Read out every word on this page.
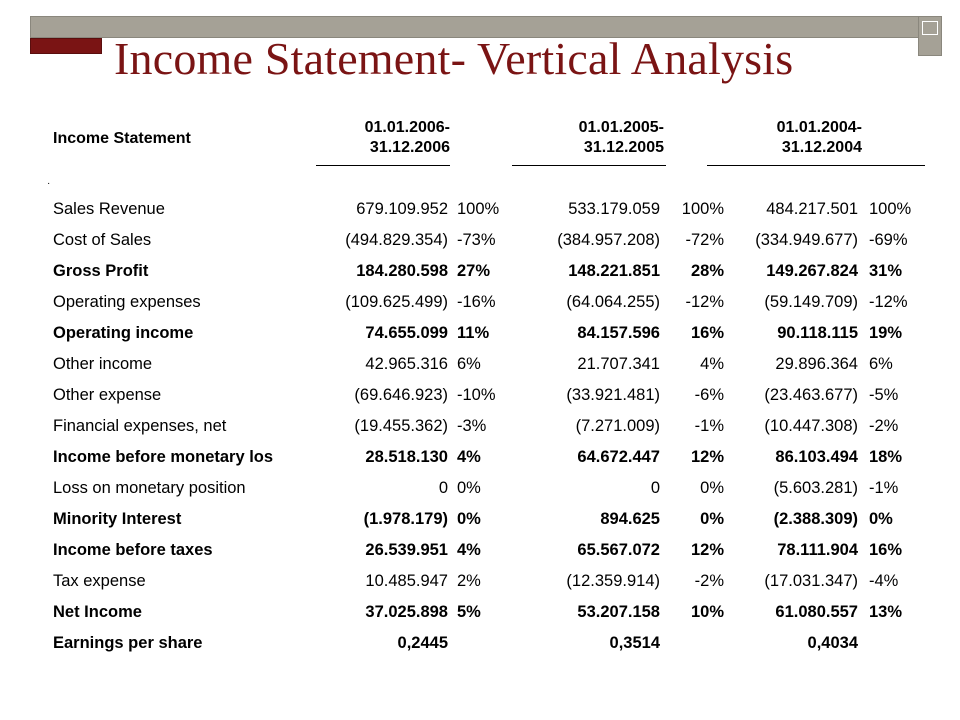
Income Statement- Vertical Analysis
Income Statement
01.01.2006-
31.12.2006
01.01.2005-
31.12.2005
01.01.2004-
31.12.2004
·
Sales Revenue	679.109.952 100%	533.179.059 100%	484.217.501 100%
Cost of Sales	(494.829.354) -73%	(384.957.208) -72% (334.949.677) -69%
Gross Profit	184.280.598 27%	148.221.851 28%	149.267.824 31%
Operating expenses	(109.625.499) -16%	(64.064.255) -12% (59.149.709) -12%
Operating income	74.655.099 11%	84.157.596 16%	90.118.115 19%
Other income	42.965.316 6%	21.707.341 4%	29.896.364 6%
Other expense	(69.646.923) -10%	(33.921.481) -6% (23.463.677) -5%
Financial expenses, net	(19.455.362) -3%	(7.271.009) -1% (10.447.308) -2%
Income before monetary los	28.518.130 4%	64.672.447 12%	86.103.494 18%
Loss on monetary position	0 0%	0 0%	(5.603.281) -1%
Minority Interest	(1.978.179) 0%	894.625 0%	(2.388.309) 0%
Income before taxes	26.539.951 4%	65.567.072 12%	78.111.904 16%
Tax expense	10.485.947 2%	(12.359.914) -2% (17.031.347) -4%
Net Income	37.025.898 5%	53.207.158 10%	61.080.557 13%
Earnings per share	0,2445	0,3514	0,4034
